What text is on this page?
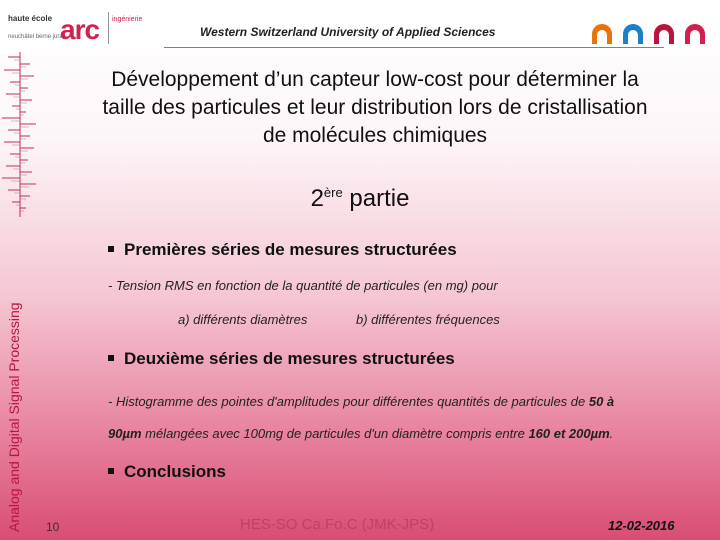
haute école
neuchâtel berne jura
arc ingénierie
Western Switzerland University of Applied Sciences
Analog and Digital Signal Processing
Développement d’un capteur low-cost pour déterminer la
taille des particules et leur distribution lors de cristallisation
de molécules chimiques
2ère partie
Premières séries de mesures structurées
- Tension RMS en fonction de la quantité de particules (en mg) pour
a) différents diamètres	b) différentes fréquences
Deuxième séries de mesures structurées
- Histogramme des pointes d'amplitudes pour différentes quantités de particules de 50 à
90µm mélangées avec 100mg de particules d'un diamètre compris entre 160 et 200µm.
Conclusions
10	HES-SO Ca.Fo.C (JMK-JPS)	12-02-2016
